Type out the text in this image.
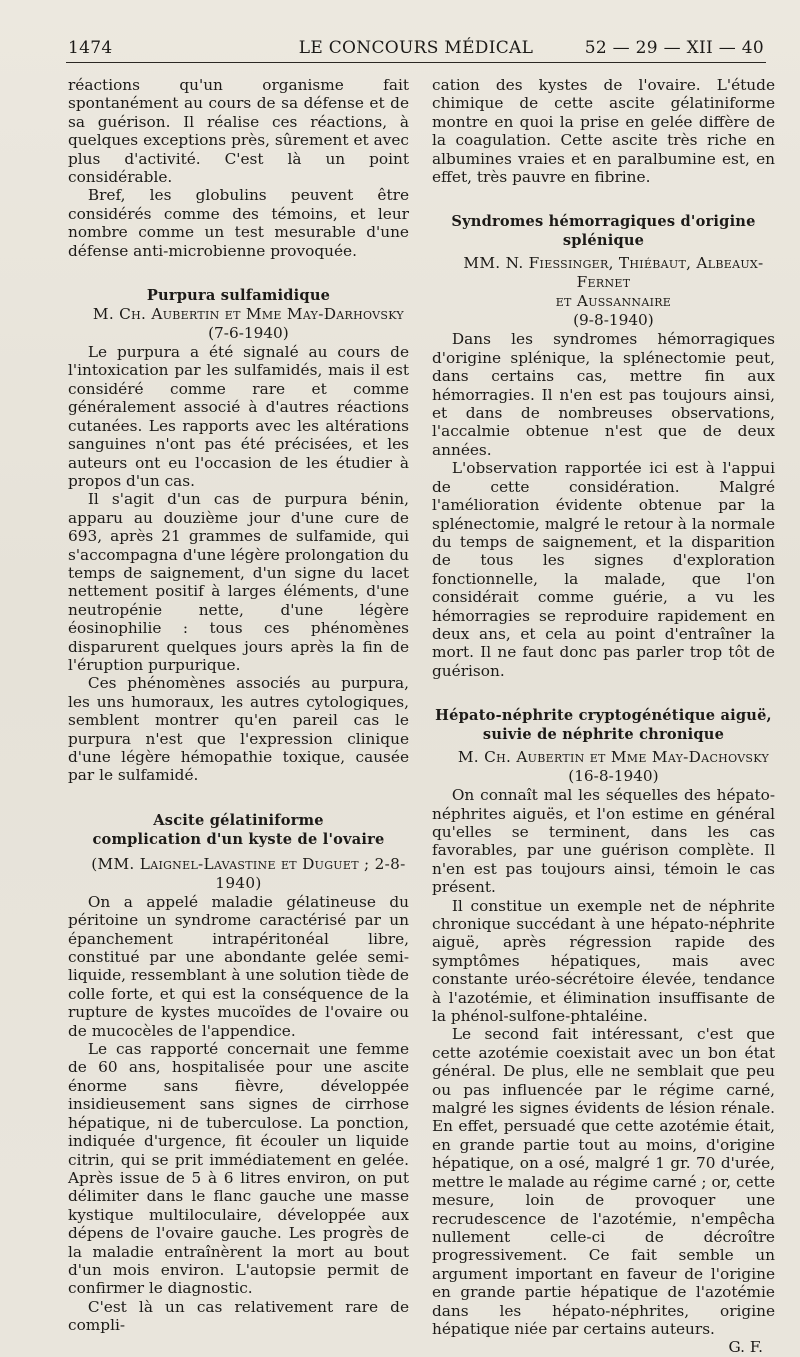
1474	LE CONCOURS MÉDICAL	52 — 29 — XII — 40

réactions qu'un organisme fait spontanément au cours de sa défense et de sa guérison. Il réalise ces réactions, à quelques exceptions près, sûrement et avec plus d'activité. C'est là un point considérable.

Bref, les globulins peuvent être considérés comme des témoins, et leur nombre comme un test mesurable d'une défense anti-microbienne provoquée.

Purpura sulfamidique

M. Ch. Aubertin et Mme May-Darhovsky

(7-6-1940)

Le purpura a été signalé au cours de l'intoxication par les sulfamidés, mais il est considéré comme rare et comme généralement associé à d'autres réactions cutanées. Les rapports avec les altérations sanguines n'ont pas été précisées, et les auteurs ont eu l'occasion de les étudier à propos d'un cas.

Il s'agit d'un cas de purpura bénin, apparu au douzième jour d'une cure de 693, après 21 grammes de sulfamide, qui s'accompagna d'une légère prolongation du temps de saignement, d'un signe du lacet nettement positif à larges éléments, d'une neutropénie nette, d'une légère éosinophilie : tous ces phénomènes disparurent quelques jours après la fin de l'éruption purpurique.

Ces phénomènes associés au purpura, les uns humoraux, les autres cytologiques, semblent montrer qu'en pareil cas le purpura n'est que l'expression clinique d'une légère hémopathie toxique, causée par le sulfamidé.

Ascite gélatiniforme
complication d'un kyste de l'ovaire

(MM. Laignel-Lavastine et Duguet ; 2-8-1940)

On a appelé maladie gélatineuse du péritoine un syndrome caractérisé par un épanchement intrapéritonéal libre, constitué par une abondante gelée semi-liquide, ressemblant à une solution tiède de colle forte, et qui est la conséquence de la rupture de kystes mucoïdes de l'ovaire ou de mucocèles de l'appendice.

Le cas rapporté concernait une femme de 60 ans, hospitalisée pour une ascite énorme sans fièvre, développée insidieusement sans signes de cirrhose hépatique, ni de tuberculose. La ponction, indiquée d'urgence, fit écouler un liquide citrin, qui se prit immédiatement en gelée. Après issue de 5 à 6 litres environ, on put délimiter dans le flanc gauche une masse kystique multiloculaire, développée aux dépens de l'ovaire gauche. Les progrès de la maladie entraînèrent la mort au bout d'un mois environ. L'autopsie permit de confirmer le diagnostic.

C'est là un cas relativement rare de compli-

cation des kystes de l'ovaire. L'étude chimique de cette ascite gélatiniforme montre en quoi la prise en gelée diffère de la coagulation. Cette ascite très riche en albumines vraies et en paralbumine est, en effet, très pauvre en fibrine.

Syndromes hémorragiques d'origine splénique

MM. N. Fiessinger, Thiébaut, Albeaux-Fernet

et Aussannaire

(9-8-1940)

Dans les syndromes hémorragiques d'origine splénique, la splénectomie peut, dans certains cas, mettre fin aux hémorragies. Il n'en est pas toujours ainsi, et dans de nombreuses observations, l'accalmie obtenue n'est que de deux années.

L'observation rapportée ici est à l'appui de cette considération. Malgré l'amélioration évidente obtenue par la splénectomie, malgré le retour à la normale du temps de saignement, et la disparition de tous les signes d'exploration fonctionnelle, la malade, que l'on considérait comme guérie, a vu les hémorragies se reproduire rapidement en deux ans, et cela au point d'entraîner la mort. Il ne faut donc pas parler trop tôt de guérison.

Hépato-néphrite cryptogénétique aiguë,
suivie de néphrite chronique

M. Ch. Aubertin et Mme May-Dachovsky

(16-8-1940)

On connaît mal les séquelles des hépato-néphrites aiguës, et l'on estime en général qu'elles se terminent, dans les cas favorables, par une guérison complète. Il n'en est pas toujours ainsi, témoin le cas présent.

Il constitue un exemple net de néphrite chronique succédant à une hépato-néphrite aiguë, après régression rapide des symptômes hépatiques, mais avec constante uréo-sécrétoire élevée, tendance à l'azotémie, et élimination insuffisante de la phénol-sulfone-phtaléine.

Le second fait intéressant, c'est que cette azotémie coexistait avec un bon état général. De plus, elle ne semblait que peu ou pas influencée par le régime carné, malgré les signes évidents de lésion rénale. En effet, persuadé que cette azotémie était, en grande partie tout au moins, d'origine hépatique, on a osé, malgré 1 gr. 70 d'urée, mettre le malade au régime carné ; or, cette mesure, loin de provoquer une recrudescence de l'azotémie, n'empêcha nullement celle-ci de décroître progressivement. Ce fait semble un argument important en faveur de l'origine en grande partie hépatique de l'azotémie dans les hépato-néphrites, origine hépatique niée par certains auteurs.

G. F.
